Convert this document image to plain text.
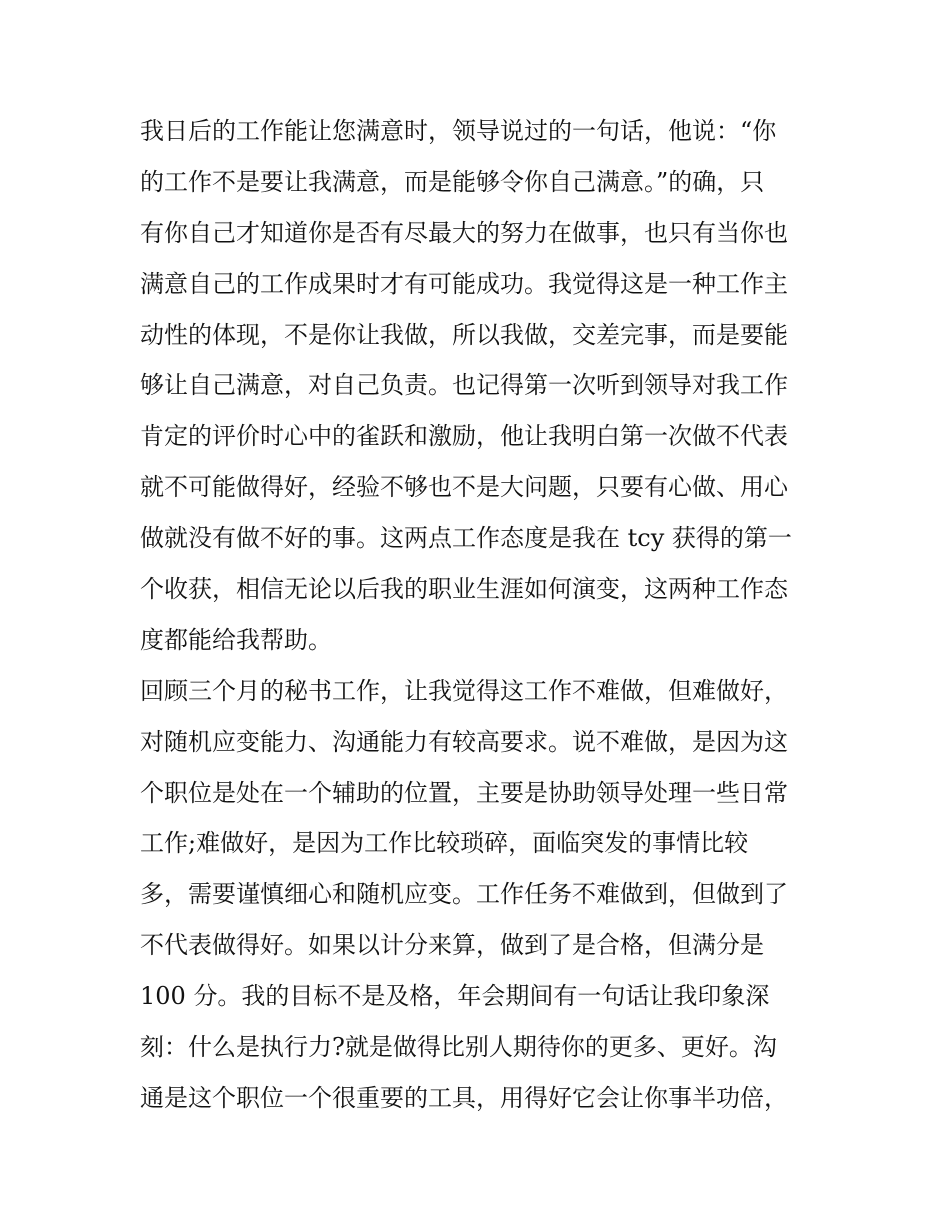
我日后的工作能让您满意时，领导说过的一句话，他说：“你
的工作不是要让我满意，而是能够令你自己满意。”的确，只
有你自己才知道你是否有尽最大的努力在做事，也只有当你也
满意自己的工作成果时才有可能成功。我觉得这是一种工作主
动性的体现，不是你让我做，所以我做，交差完事，而是要能
够让自己满意，对自己负责。也记得第一次听到领导对我工作
肯定的评价时心中的雀跃和激励，他让我明白第一次做不代表
就不可能做得好，经验不够也不是大问题，只要有心做、用心
做就没有做不好的事。这两点工作态度是我在 tcy 获得的第一
个收获，相信无论以后我的职业生涯如何演变，这两种工作态
度都能给我帮助。
回顾三个月的秘书工作，让我觉得这工作不难做，但难做好，
对随机应变能力、沟通能力有较高要求。说不难做，是因为这
个职位是处在一个辅助的位置，主要是协助领导处理一些日常
工作;难做好，是因为工作比较琐碎，面临突发的事情比较
多，需要谨慎细心和随机应变。工作任务不难做到，但做到了
不代表做得好。如果以计分来算，做到了是合格，但满分是
100 分。我的目标不是及格，年会期间有一句话让我印象深
刻：什么是执行力?就是做得比别人期待你的更多、更好。沟
通是这个职位一个很重要的工具，用得好它会让你事半功倍，
